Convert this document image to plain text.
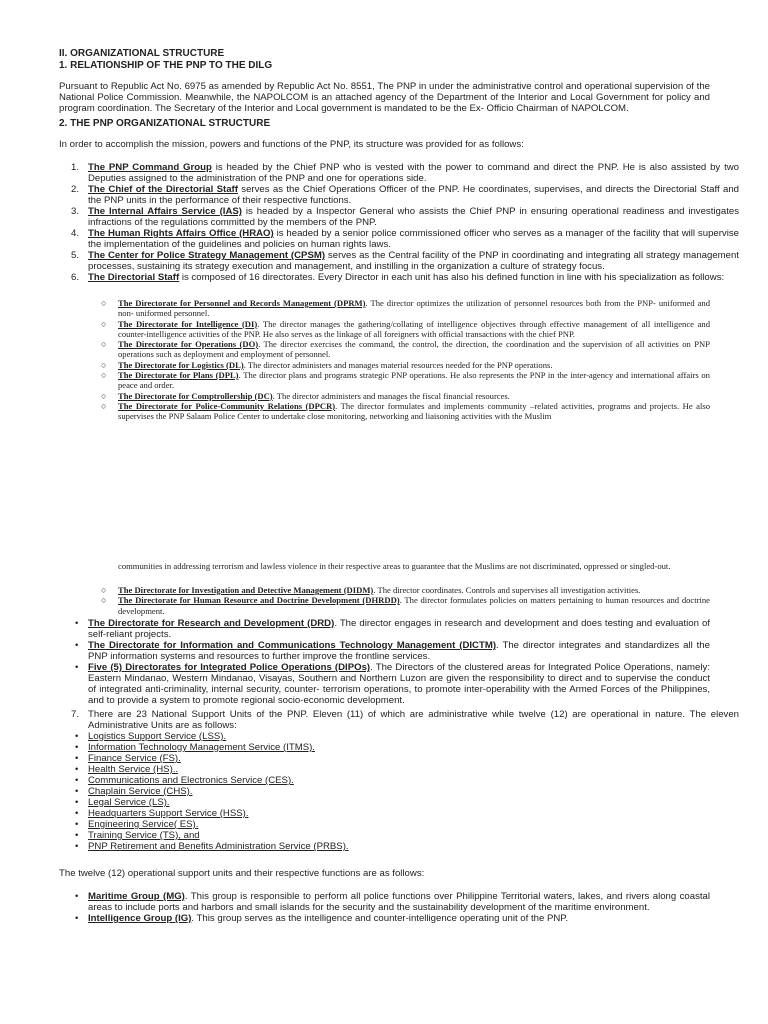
II. ORGANIZATIONAL STRUCTURE
1. RELATIONSHIP OF THE PNP TO THE DILG
Pursuant to Republic Act No. 6975 as amended by Republic Act No. 8551, The PNP in under the administrative control and operational supervision of the National Police Commission. Meanwhile, the NAPOLCOM is an attached agency of the Department of the Interior and Local Government for policy and program coordination. The Secretary of the Interior and Local government is mandated to be the Ex- Officio Chairman of NAPOLCOM.
2. THE PNP ORGANIZATIONAL STRUCTURE
In order to accomplish the mission, powers and functions of the PNP, its structure was provided for as follows:
1. The PNP Command Group is headed by the Chief PNP who is vested with the power to command and direct the PNP. He is also assisted by two Deputies assigned to the administration of the PNP and one for operations side.
2. The Chief of the Directorial Staff serves as the Chief Operations Officer of the PNP. He coordinates, supervises, and directs the Directorial Staff and the PNP units in the performance of their respective functions.
3. The Internal Affairs Service (IAS) is headed by a Inspector General who assists the Chief PNP in ensuring operational readiness and investigates infractions of the regulations committed by the members of the PNP.
4. The Human Rights Affairs Office (HRAO) is headed by a senior police commissioned officer who serves as a manager of the facility that will supervise the implementation of the guidelines and policies on human rights laws.
5. The Center for Police Strategy Management (CPSM) serves as the Central facility of the PNP in coordinating and integrating all strategy management processes, sustaining its strategy execution and management, and instilling in the organization a culture of strategy focus.
6. The Directorial Staff is composed of 16 directorates. Every Director in each unit has also his defined function in line with his specialization as follows:
○ The Directorate for Personnel and Records Management (DPRM). The director optimizes the utilization of personnel resources both from the PNP- uniformed and non- uniformed personnel.
○ The Directorate for Intelligence (DI). The director manages the gathering/collating of intelligence objectives through effective management of all intelligence and counter-intelligence activities of the PNP. He also serves as the linkage of all foreigners with official transactions with the chief PNP.
○ The Directorate for Operations (DO). The director exercises the command, the control, the direction, the coordination and the supervision of all activities on PNP operations such as deployment and employment of personnel.
○ The Directorate for Logistics (DL). The director administers and manages material resources needed for the PNP operations.
○ The Directorate for Plans (DPL). The director plans and programs strategic PNP operations. He also represents the PNP in the inter-agency and international affairs on peace and order.
○ The Directorate for Comptrollership (DC). The director administers and manages the fiscal financial resources.
○ The Directorate for Police-Community Relations (DPCR). The director formulates and implements community –related activities, programs and projects. He also supervises the PNP Salaam Police Center to undertake close monitoring, networking and liaisoning activities with the Muslim
communities in addressing terrorism and lawless violence in their respective areas to guarantee that the Muslims are not discriminated, oppressed or singled-out.
○ The Directorate for Investigation and Detective Management (DIDM). The director coordinates. Controls and supervises all investigation activities.
○ The Directorate for Human Resource and Doctrine Development (DHRDD). The director formulates policies on matters pertaining to human resources and doctrine development.
• The Directorate for Research and Development (DRD). The director engages in research and development and does testing and evaluation of self-reliant projects.
• The Directorate for Information and Communications Technology Management (DICTM). The director integrates and standardizes all the PNP information systems and resources to further improve the frontline services.
• Five (5) Directorates for Integrated Police Operations (DIPOs). The Directors of the clustered areas for Integrated Police Operations, namely: Eastern Mindanao, Western Mindanao, Visayas, Southern and Northern Luzon are given the responsibility to direct and to supervise the conduct of integrated anti-criminality, internal security, counter- terrorism operations, to promote inter-operability with the Armed Forces of the Philippines, and to provide a system to promote regional socio-economic development.
7. There are 23 National Support Units of the PNP. Eleven (11) of which are administrative while twelve (12) are operational in nature. The eleven Administrative Units are as follows:
• Logistics Support Service (LSS).
• Information Technology Management Service (ITMS).
• Finance Service (FS).
• Health Service (HS)..
• Communications and Electronics Service (CES).
• Chaplain Service (CHS).
• Legal Service (LS).
• Headquarters Support Service (HSS).
• Engineering Service( ES).
• Training Service (TS), and
• PNP Retirement and Benefits Administration Service (PRBS).
The twelve (12) operational support units and their respective functions are as follows:
• Maritime Group (MG). This group is responsible to perform all police functions over Philippine Territorial waters, lakes, and rivers along coastal areas to include ports and harbors and small islands for the security and the sustainability development of the maritime environment.
• Intelligence Group (IG). This group serves as the intelligence and counter-intelligence operating unit of the PNP.
